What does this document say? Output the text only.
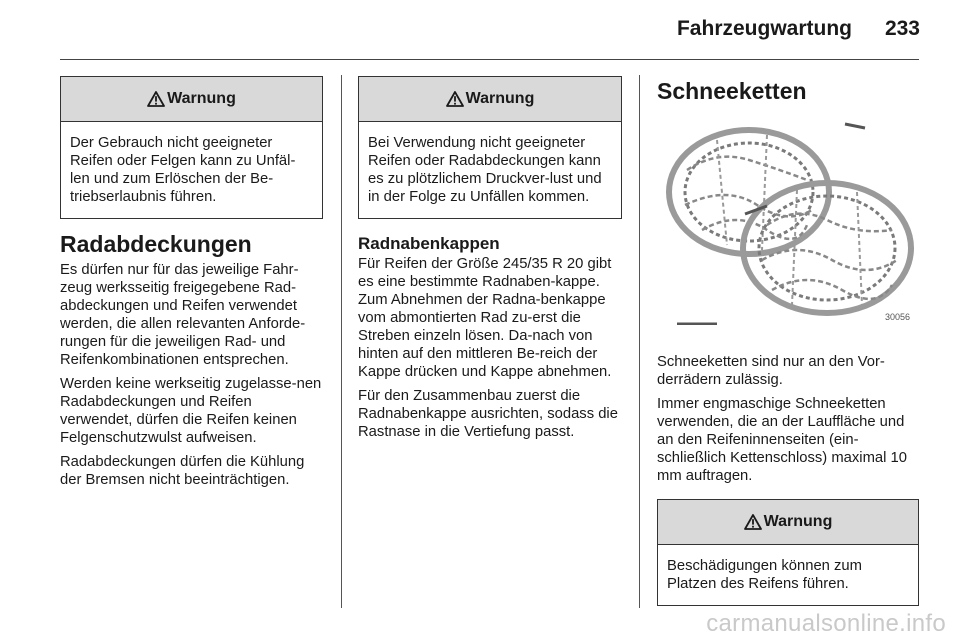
Fahrzeugwartung 233
Warnung
Der Gebrauch nicht geeigneter Reifen oder Felgen kann zu Unfäl-len und zum Erlöschen der Be-triebserlaubnis führen.
Radabdeckungen

Es dürfen nur für das jeweilige Fahr-zeug werksseitig freigegebene Rad-abdeckungen und Reifen verwendet werden, die allen relevanten Anforde-rungen für die jeweiligen Rad- und Reifenkombinationen entsprechen.

Werden keine werkseitig zugelasse-nen Radabdeckungen und Reifen verwendet, dürfen die Reifen keinen Felgenschutzwulst aufweisen.

Radabdeckungen dürfen die Kühlung der Bremsen nicht beeinträchtigen.

Warnung
Bei Verwendung nicht geeigneter Reifen oder Radabdeckungen kann es zu plötzlichem Druckver-lust und in der Folge zu Unfällen kommen.
Radnabenkappen

Für Reifen der Größe 245/35 R 20 gibt es eine bestimmte Radnaben-kappe. Zum Abnehmen der Radna-benkappe vom abmontierten Rad zu-erst die Streben einzeln lösen. Da-nach von hinten auf den mittleren Be-reich der Kappe drücken und Kappe abnehmen.

Für den Zusammenbau zuerst die Radnabenkappe ausrichten, sodass die Rastnase in die Vertiefung passt.

Schneeketten
30056

Schneeketten sind nur an den Vor-derrädern zulässig.

Immer engmaschige Schneeketten verwenden, die an der Lauffläche und an den Reifeninnenseiten (ein-schließlich Kettenschloss) maximal 10 mm auftragen.

Warnung
Beschädigungen können zum Platzen des Reifens führen.
carmanualsonline.info
